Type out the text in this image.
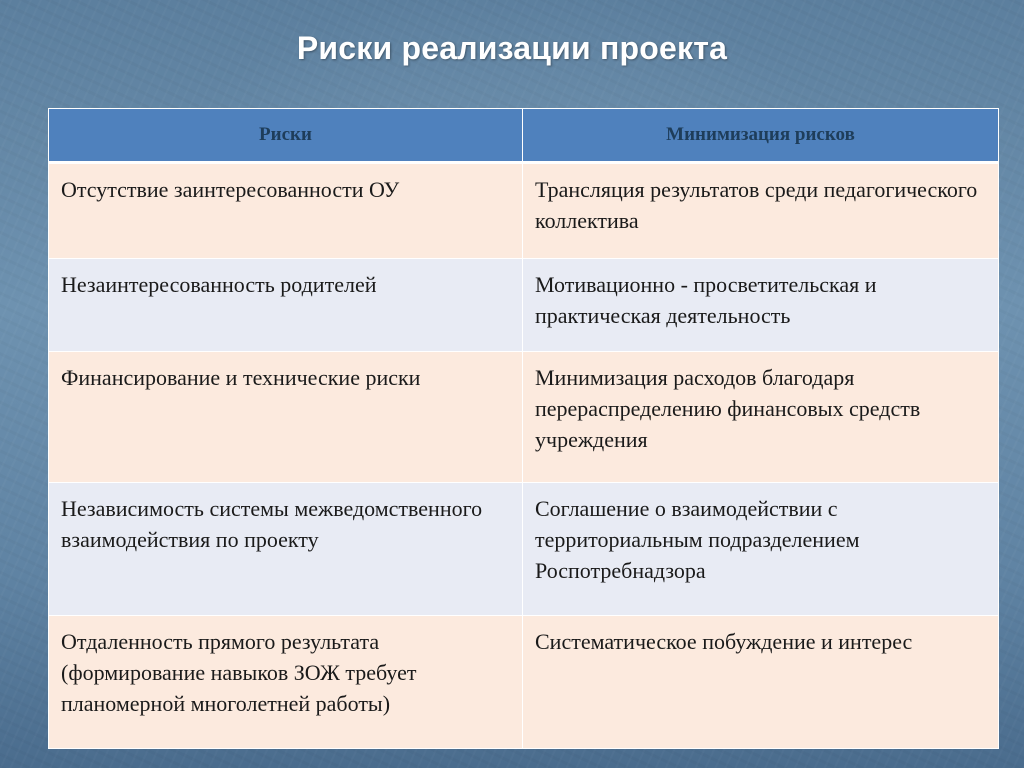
Риски реализации проекта
Риски	Минимизация рисков
Отсутствие заинтересованности ОУ	Трансляция результатов среди педагогического коллектива
Незаинтересованность родителей	Мотивационно - просветительская и практическая деятельность
Финансирование и технические риски	Минимизация расходов благодаря перераспределению финансовых средств учреждения
Независимость системы межведомственного взаимодействия по проекту	Соглашение о взаимодействии с территориальным подразделением Роспотребнадзора
Отдаленность прямого результата (формирование навыков ЗОЖ требует планомерной многолетней работы)	Систематическое побуждение и интерес
